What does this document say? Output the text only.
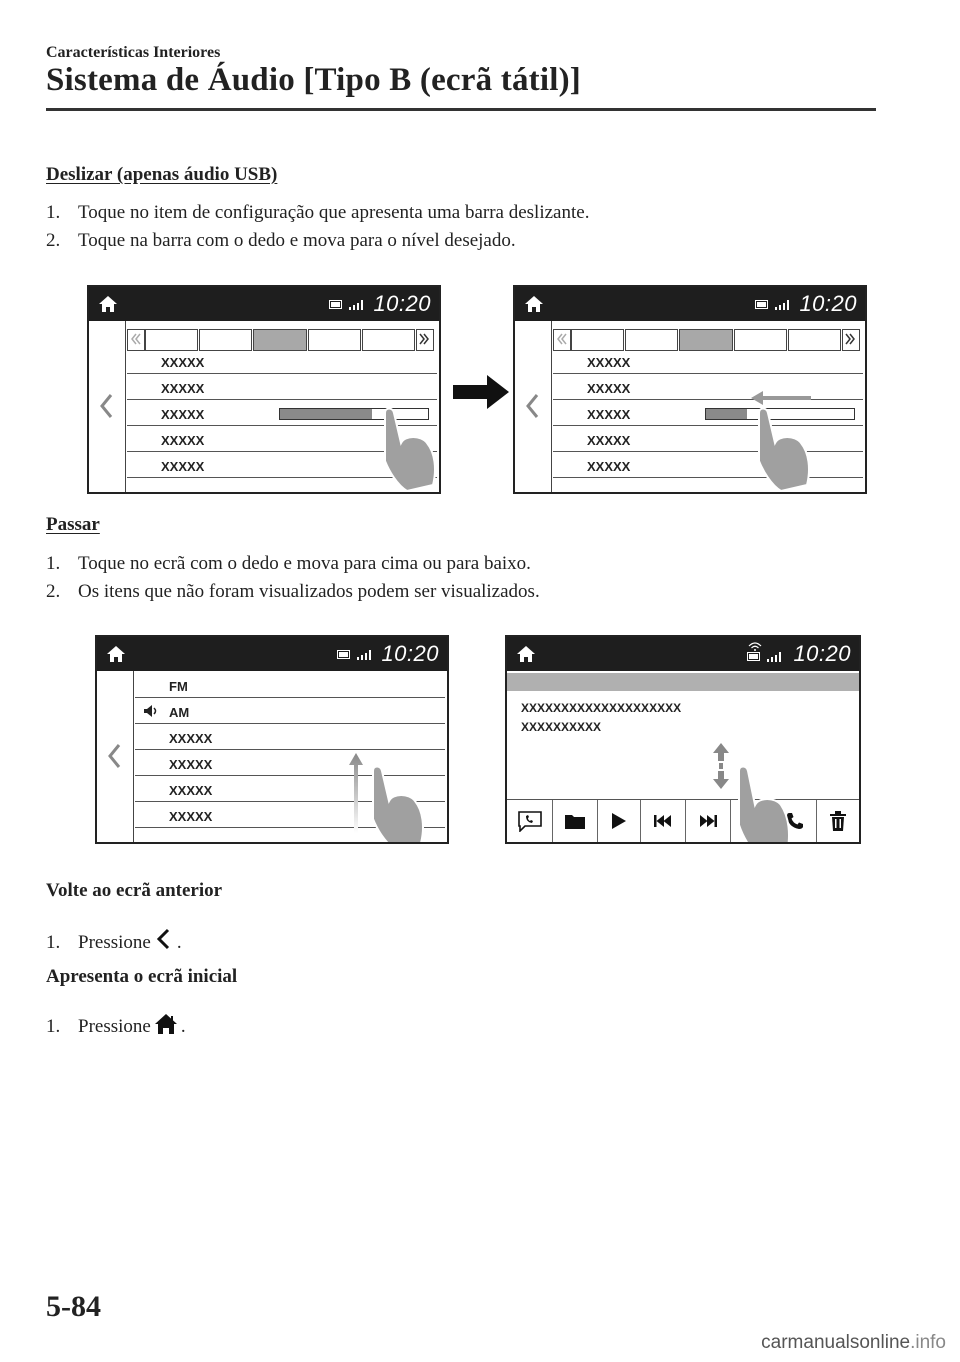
Características Interiores
Sistema de Áudio [Tipo B (ecrã tátil)]
Deslizar (apenas áudio USB)
1. Toque no item de configuração que apresenta uma barra deslizante.
2. Toque na barra com o dedo e mova para o nível desejado.
10:20
XXXXX
XXXXX
XXXXX
XXXXX
XXXXX
10:20
XXXXX
XXXXX
XXXXX
XXXXX
XXXXX
Passar
1. Toque no ecrã com o dedo e mova para cima ou para baixo.
2. Os itens que não foram visualizados podem ser visualizados.
10:20
FM
AM
XXXXX
XXXXX
XXXXX
XXXXX
10:20
XXXXXXXXXXXXXXXXXXXX
XXXXXXXXXX
Volte ao ecrã anterior
1. Pressione .
Apresenta o ecrã inicial
1. Pressione .
5-84
carmanualsonline.info
